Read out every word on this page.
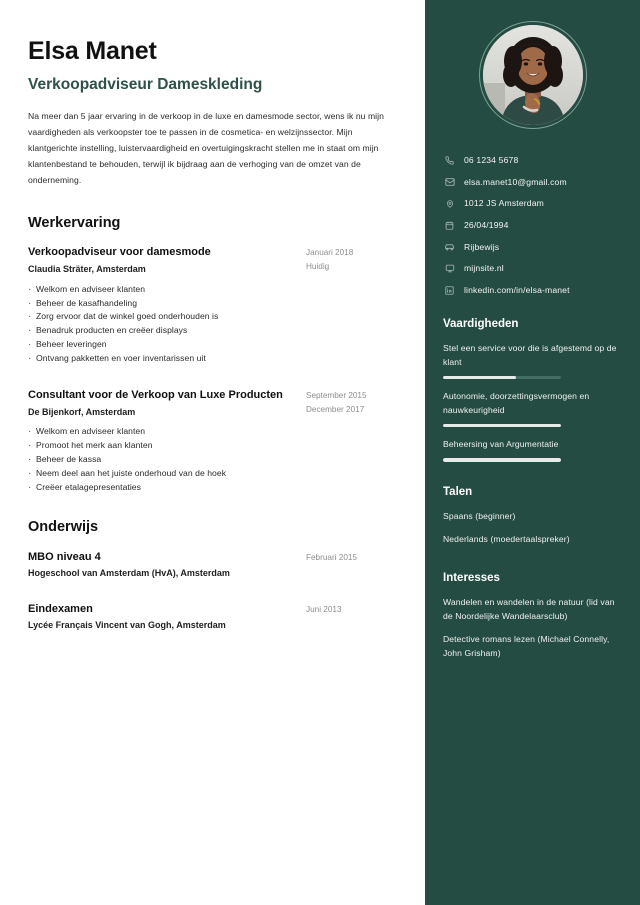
Elsa Manet
Verkoopadviseur Dameskleding

Na meer dan 5 jaar ervaring in de verkoop in de luxe en damesmode sector, wens ik nu mijn vaardigheden als verkoopster toe te passen in de cosmetica- en welzijnssector. Mijn klantgerichte instelling, luistervaardigheid en overtuigingskracht stellen me in staat om mijn klantenbestand te behouden, terwijl ik bijdraag aan de verhoging van de omzet van de onderneming.

Werkervaring
Verkoopadviseur voor damesmode
Claudia Sträter, Amsterdam
Januari 2018
Huidig
· Welkom en adviseer klanten
· Beheer de kasafhandeling
· Zorg ervoor dat de winkel goed onderhouden is
· Benadruk producten en creëer displays
· Beheer leveringen
· Ontvang pakketten en voer inventarissen uit
Consultant voor de Verkoop van Luxe Producten
De Bijenkorf, Amsterdam
September 2015
December 2017
· Welkom en adviseer klanten
· Promoot het merk aan klanten
· Beheer de kassa
· Neem deel aan het juiste onderhoud van de hoek
· Creëer etalagepresentaties
Onderwijs
MBO niveau 4
Hogeschool van Amsterdam (HvA), Amsterdam
Februari 2015
Eindexamen
Lycée Français Vincent van Gogh, Amsterdam
Juni 2013
06 1234 5678
elsa.manet10@gmail.com
1012 JS Amsterdam
26/04/1994
Rijbewijs
mijnsite.nl
linkedin.com/in/elsa-manet
Vaardigheden
Stel een service voor die is afgestemd op de klant
Autonomie, doorzettingsvermogen en nauwkeurigheid
Beheersing van Argumentatie
Talen
Spaans (beginner)
Nederlands (moedertaalspreker)
Interesses
Wandelen en wandelen in de natuur (lid van de Noordelijke Wandelaarsclub)
Detective romans lezen (Michael Connelly, John Grisham)
